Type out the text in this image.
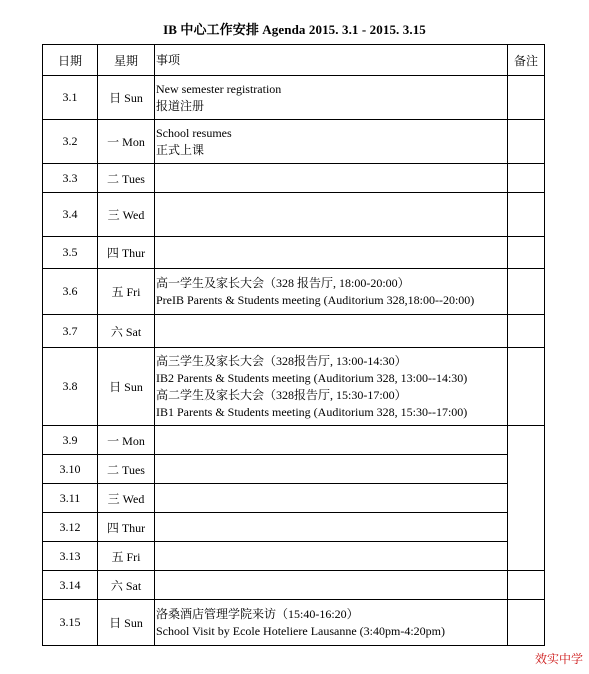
IB 中心工作安排 Agenda 2015. 3.1 - 2015. 3.15
日期	星期	事项	备注
3.1	日 Sun	New semester registration
报道注册	

3.2	一 Mon	School resumes
正式上课	

3.3	二 Tues		
3.4	三 Wed		
3.5	四 Thur		
3.6	五 Fri	高一学生及家长大会（328 报告厅, 18:00-20:00）
PreIB Parents & Students meeting (Auditorium 328,18:00--20:00)	

3.7	六 Sat		
3.8	日 Sun	高三学生及家长大会（328报告厅, 13:00-14:30）
IB2 Parents & Students meeting (Auditorium 328, 13:00--14:30)
高二学生及家长大会（328报告厅, 15:30-17:00）
IB1 Parents & Students meeting (Auditorium 328, 15:30--17:00)	

3.9	一 Mon		
3.10	二 Tues		
3.11	三 Wed		
3.12	四 Thur		
3.13	五 Fri		
3.14	六 Sat		
3.15	日 Sun	洛桑酒店管理学院来访（15:40-16:20）
School Visit by Ecole Hoteliere Lausanne (3:40pm-4:20pm)	

效实中学
